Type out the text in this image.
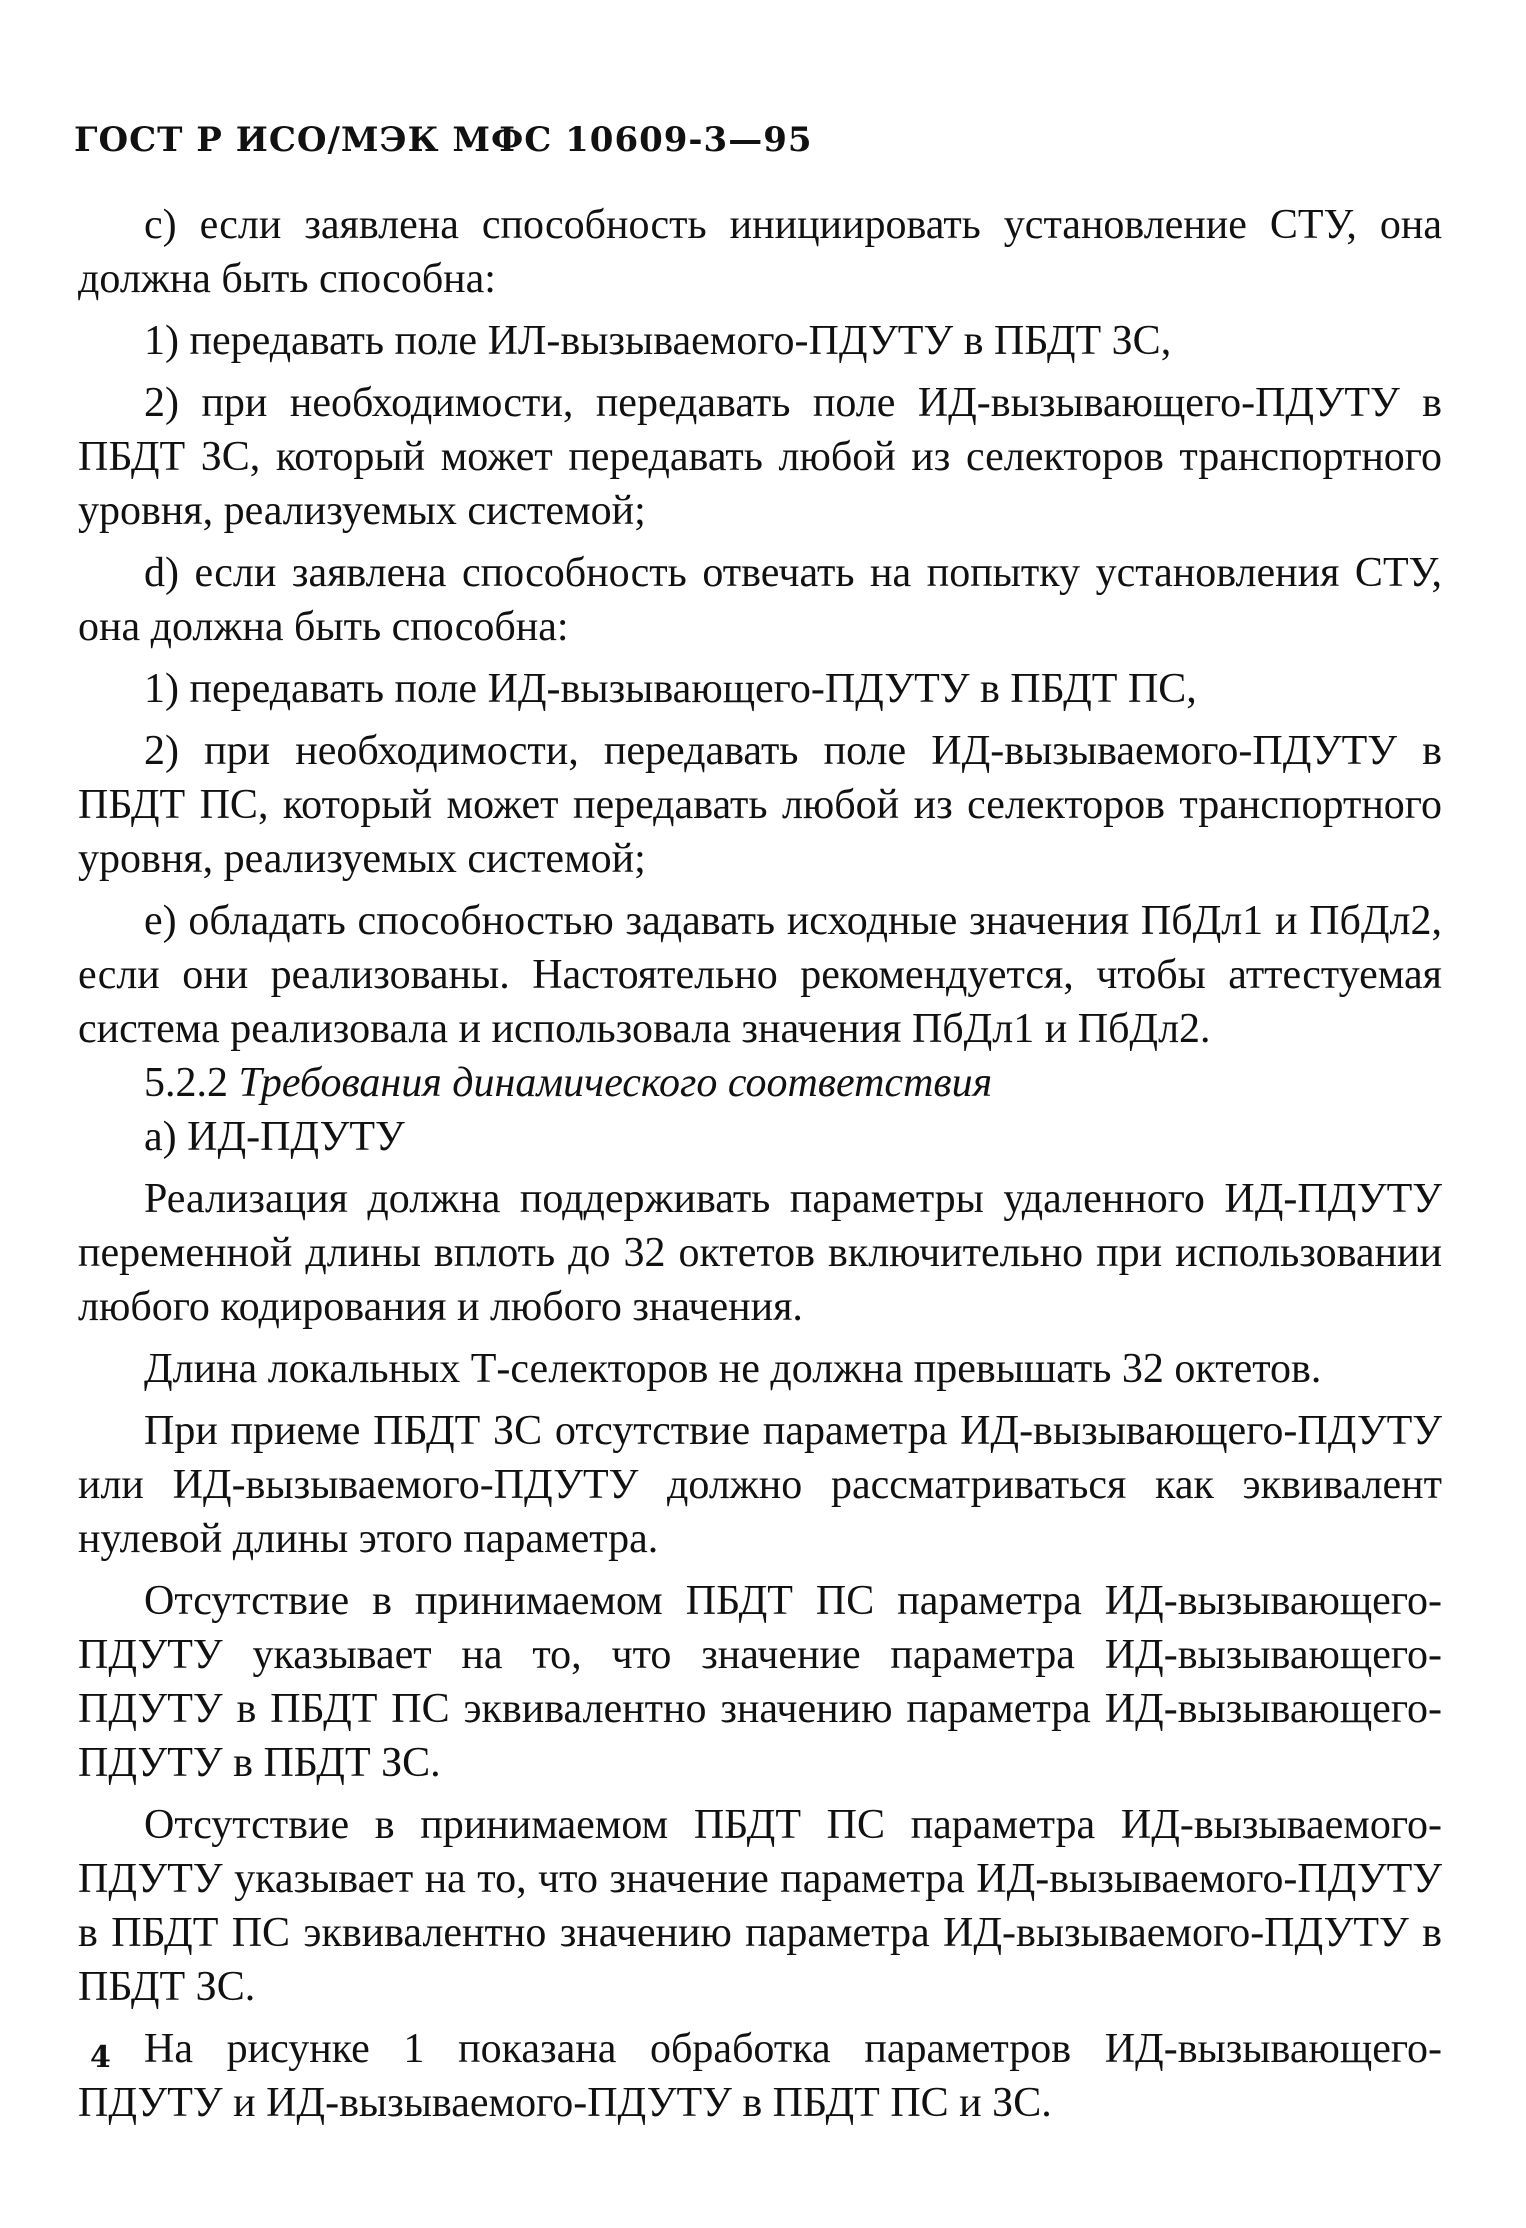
ГОСТ Р ИСО/МЭК МФС 10609-3—95

c) если заявлена способность инициировать установление СТУ, она должна быть способна:

1) передавать поле ИЛ-вызываемого-ПДУТУ в ПБДТ ЗС,

2) при необходимости, передавать поле ИД-вызывающего-ПДУТУ в ПБДТ ЗС, который может передавать любой из селекторов транспортного уровня, реализуемых системой;

d) если заявлена способность отвечать на попытку установления СТУ, она должна быть способна:

1) передавать поле ИД-вызывающего-ПДУТУ в ПБДТ ПС,

2) при необходимости, передавать поле ИД-вызываемого-ПДУТУ в ПБДТ ПС, который может передавать любой из селекторов транспортного уровня, реализуемых системой;

e) обладать способностью задавать исходные значения ПбДл1 и ПбДл2, если они реализованы. Настоятельно рекомендуется, чтобы аттестуемая система реализовала и использовала значения ПбДл1 и ПбДл2.

5.2.2 Требования динамического соответствия

а) ИД-ПДУТУ

Реализация должна поддерживать параметры удаленного ИД-ПДУТУ переменной длины вплоть до 32 октетов включительно при использовании любого кодирования и любого значения.

Длина локальных Т-селекторов не должна превышать 32 октетов.

При приеме ПБДТ ЗС отсутствие параметра ИД-вызывающего-ПДУТУ или ИД-вызываемого-ПДУТУ должно рассматриваться как эквивалент нулевой длины этого параметра.

Отсутствие в принимаемом ПБДТ ПС параметра ИД-вызывающего-ПДУТУ указывает на то, что значение параметра ИД-вызывающего-ПДУТУ в ПБДТ ПС эквивалентно значению параметра ИД-вызывающего-ПДУТУ в ПБДТ ЗС.

Отсутствие в принимаемом ПБДТ ПС параметра ИД-вызываемого-ПДУТУ указывает на то, что значение параметра ИД-вызываемого-ПДУТУ в ПБДТ ПС эквивалентно значению параметра ИД-вызываемого-ПДУТУ в ПБДТ ЗС.

На рисунке 1 показана обработка параметров ИД-вызывающего-ПДУТУ и ИД-вызываемого-ПДУТУ в ПБДТ ПС и ЗС.

4
